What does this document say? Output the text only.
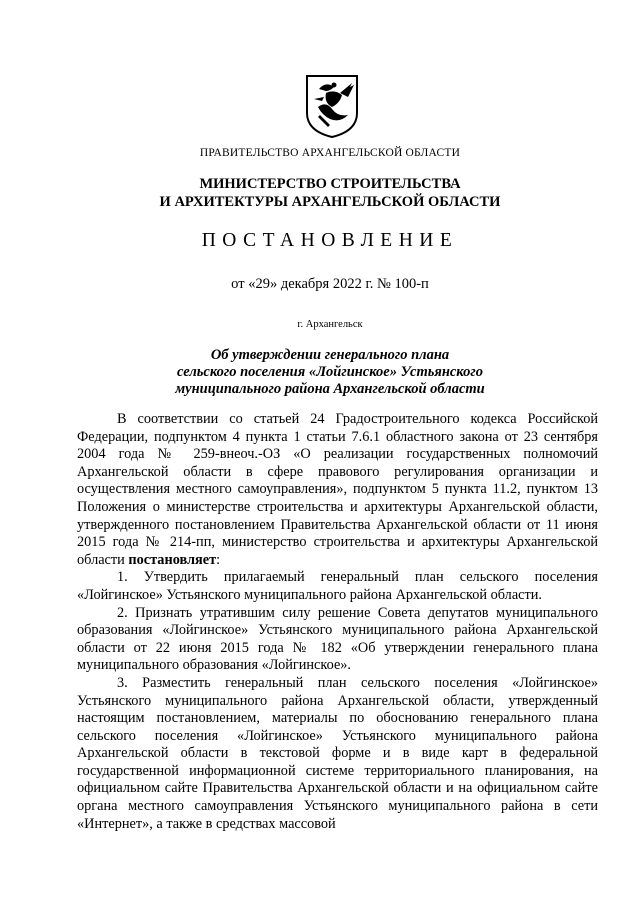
ПРАВИТЕЛЬСТВО АРХАНГЕЛЬСКОЙ ОБЛАСТИ
МИНИСТЕРСТВО СТРОИТЕЛЬСТВА
И АРХИТЕКТУРЫ АРХАНГЕЛЬСКОЙ ОБЛАСТИ
ПОСТАНОВЛЕНИЕ
от «29» декабря 2022 г. № 100-п
г. Архангельск
Об утверждении генерального плана
сельского поселения «Лойгинское» Устьянского
муниципального района Архангельской области

В соответствии со статьей 24 Градостроительного кодекса Российской Федерации, подпунктом 4 пункта 1 статьи 7.6.1 областного закона от 23 сентября 2004 года № 259-внеоч.-ОЗ «О реализации государственных полномочий Архангельской области в сфере правового регулирования организации и осуществления местного самоуправления», подпунктом 5 пункта 11.2, пунктом 13 Положения о министерстве строительства и архитектуры Архангельской области, утвержденного постановлением Правительства Архангельской области от 11 июня 2015 года № 214-пп, министерство строительства и архитектуры Архангельской области постановляет:

1. Утвердить прилагаемый генеральный план сельского поселения «Лойгинское» Устьянского муниципального района Архангельской области.

2. Признать утратившим силу решение Совета депутатов муниципального образования «Лойгинское» Устьянского муниципального района Архангельской области от 22 июня 2015 года № 182 «Об утверждении генерального плана муниципального образования «Лойгинское».

3. Разместить генеральный план сельского поселения «Лойгинское» Устьянского муниципального района Архангельской области, утвержденный настоящим постановлением, материалы по обоснованию генерального плана сельского поселения «Лойгинское» Устьянского муниципального района Архангельской области в текстовой форме и в виде карт в федеральной государственной информационной системе территориального планирования, на официальном сайте Правительства Архангельской области и на официальном сайте органа местного самоуправления Устьянского муниципального района в сети «Интернет», а также в средствах массовой
